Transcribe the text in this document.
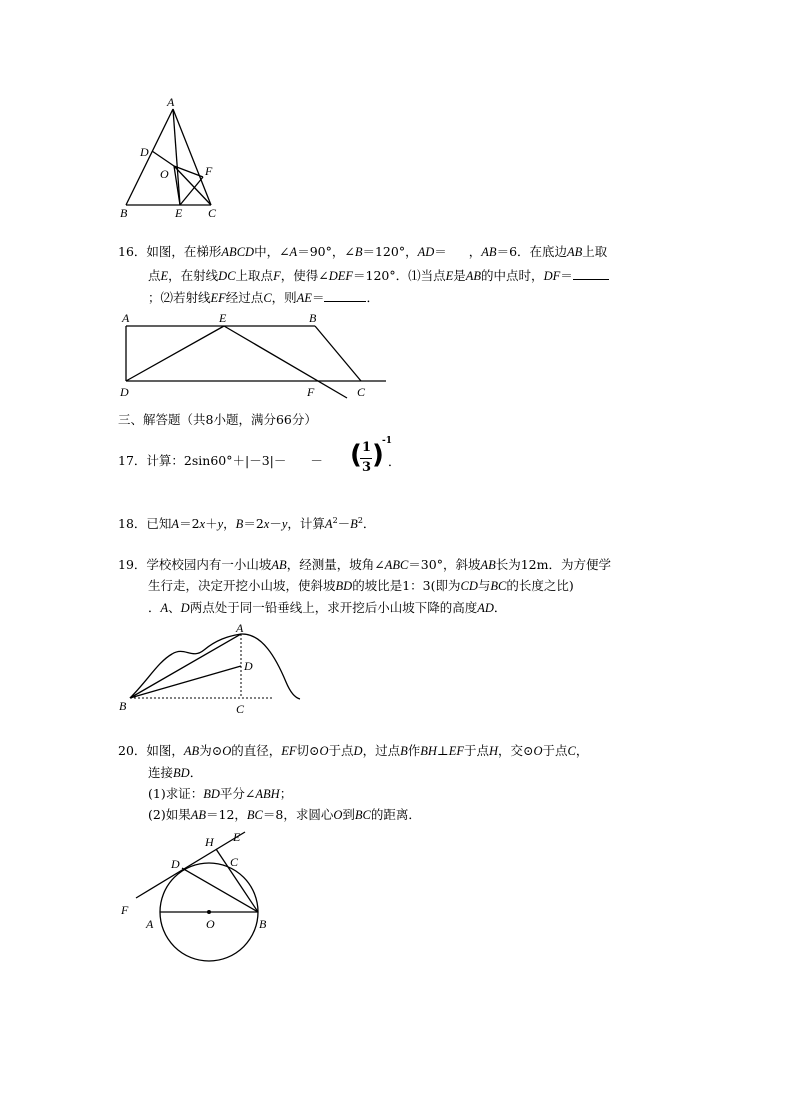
A
D
O	F
B	E C
16．如图，在梯形ABCD中，∠A＝90°，∠B＝120°，AD＝ ，AB＝6．在底边AB上取
点E，在射线DC上取点F，使得∠DEF＝120°．⑴当点E是AB的中点时，DF＝
；⑵若射线EF经过点C，则AE＝	．
A	E	B
D	F	C
三、解答题（共8小题，满分66分）
17．计算：2sin60°＋|－3|－ － ( 1
3 )
-1
．
18．已知A＝2x＋y，B＝2x－y，计算$A^2-B^2$．
19．学校校园内有一小山坡AB，经测量，坡角∠ABC＝30°，斜坡AB长为12m．为方便学
生行走，决定开挖小山坡，使斜坡BD的坡比是1：3(即为CD与BC的长度之比)
．A、D两点处于同一铅垂线上，求开挖后小山坡下降的高度AD．
A
D
B	C
20．如图，AB为⊙O的直径，EF切⊙O于点D，过点B作BH⊥EF于点H，交⊙O于点C，
连接BD．
(1)求证：BD平分∠ABH；
(2)如果AB＝12，BC＝8，求圆心O到BC的距离．
E
H
C
D
F
A	O	B
